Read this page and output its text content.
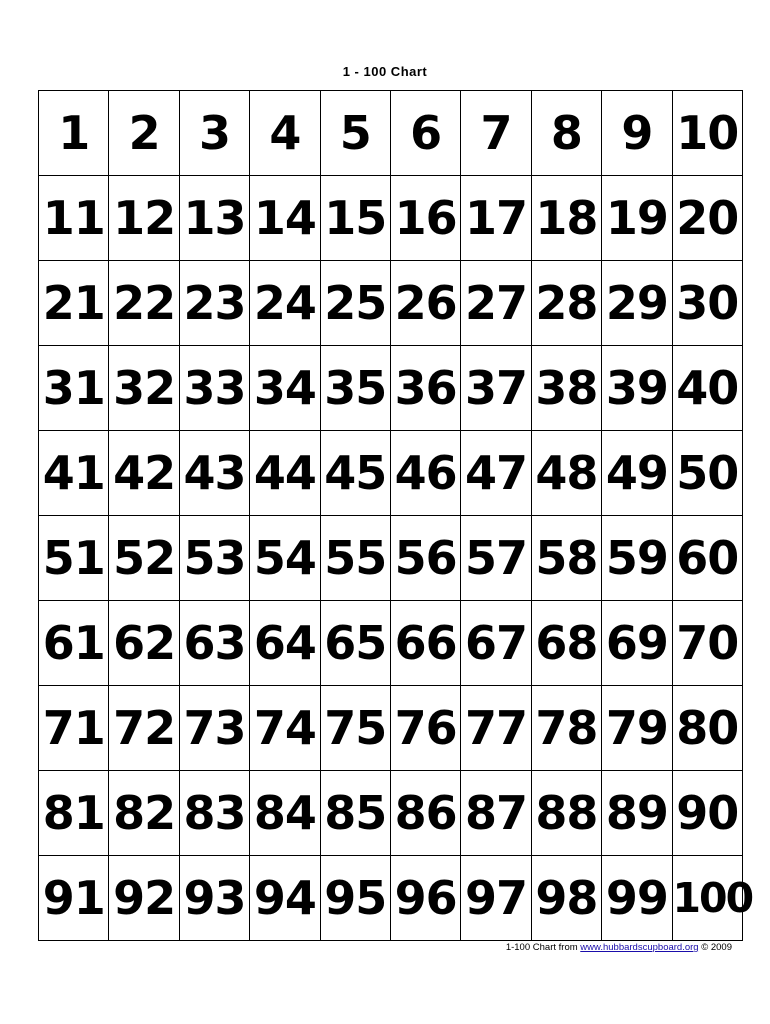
1 - 100 Chart
1	2	3	4	5	6	7	8	9	10
11	12	13	14	15	16	17	18	19	20
21	22	23	24	25	26	27	28	29	30
31	32	33	34	35	36	37	38	39	40
41	42	43	44	45	46	47	48	49	50
51	52	53	54	55	56	57	58	59	60
61	62	63	64	65	66	67	68	69	70
71	72	73	74	75	76	77	78	79	80
81	82	83	84	85	86	87	88	89	90
91	92	93	94	95	96	97	98	99	100
1-100 Chart from www.hubbardscupboard.org © 2009
